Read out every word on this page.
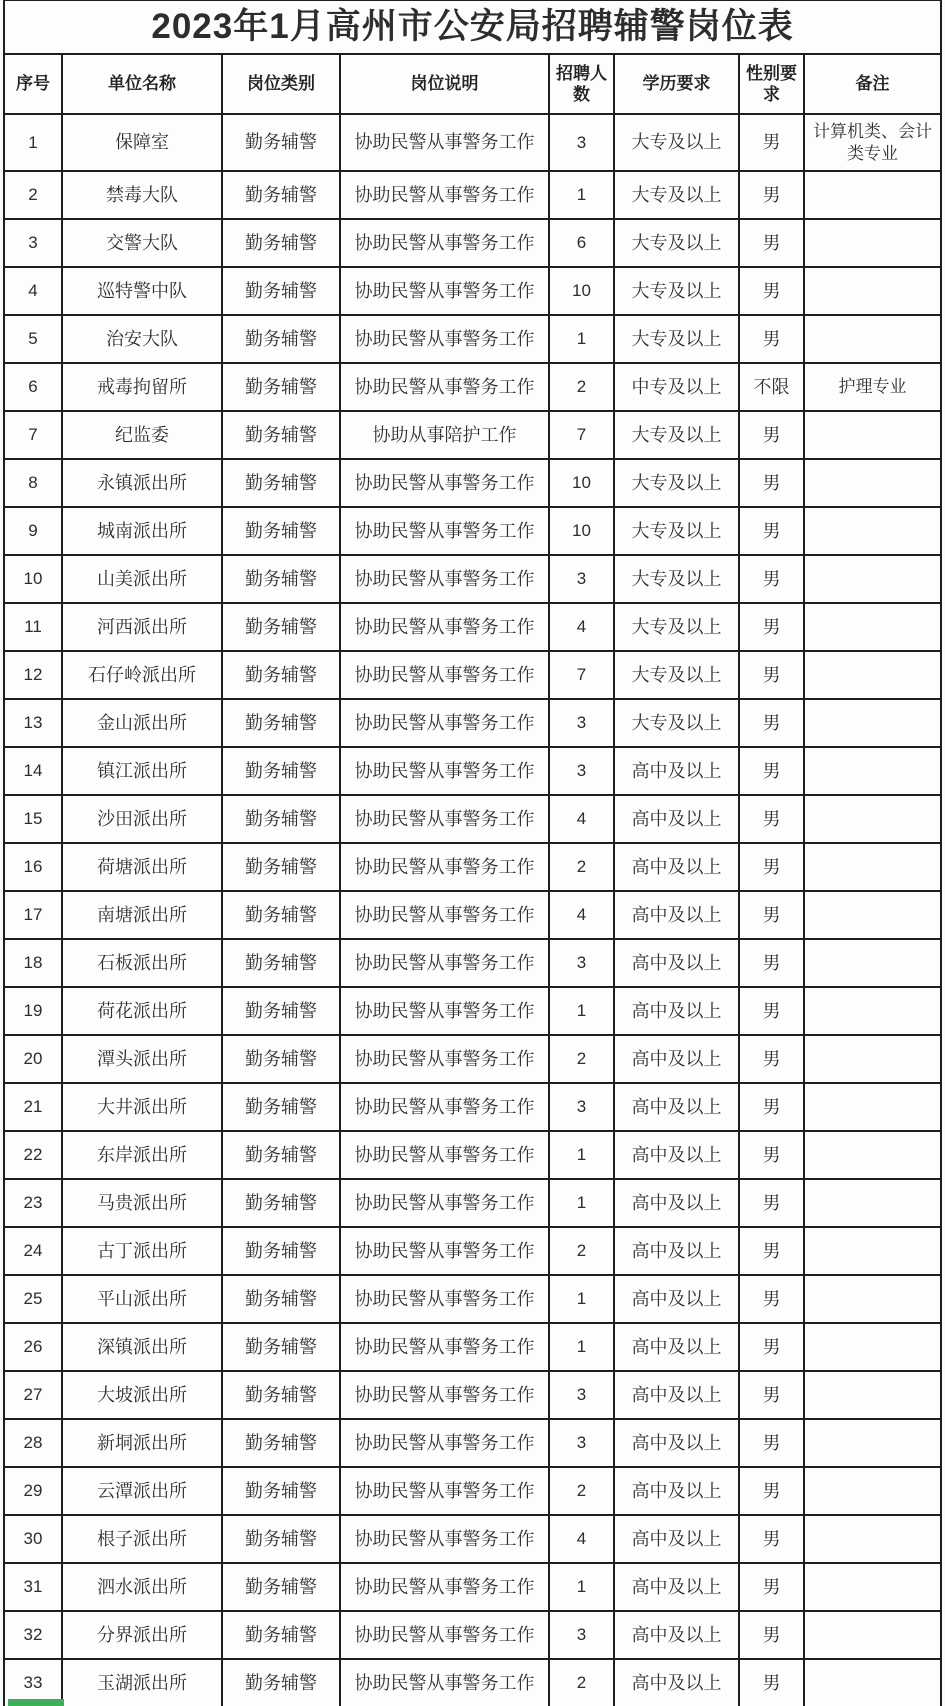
2023年1月高州市公安局招聘辅警岗位表							
序号	单位名称	岗位类别	岗位说明	招聘人数	学历要求	性别要求	备注
1	保障室	勤务辅警	协助民警从事警务工作	3	大专及以上	男	计算机类、会计类专业
2	禁毒大队	勤务辅警	协助民警从事警务工作	1	大专及以上	男	
3	交警大队	勤务辅警	协助民警从事警务工作	6	大专及以上	男	
4	巡特警中队	勤务辅警	协助民警从事警务工作	10	大专及以上	男	
5	治安大队	勤务辅警	协助民警从事警务工作	1	大专及以上	男	
6	戒毒拘留所	勤务辅警	协助民警从事警务工作	2	中专及以上	不限	护理专业
7	纪监委	勤务辅警	协助从事陪护工作	7	大专及以上	男	
8	永镇派出所	勤务辅警	协助民警从事警务工作	10	大专及以上	男	
9	城南派出所	勤务辅警	协助民警从事警务工作	10	大专及以上	男	
10	山美派出所	勤务辅警	协助民警从事警务工作	3	大专及以上	男	
11	河西派出所	勤务辅警	协助民警从事警务工作	4	大专及以上	男	
12	石仔岭派出所	勤务辅警	协助民警从事警务工作	7	大专及以上	男	
13	金山派出所	勤务辅警	协助民警从事警务工作	3	大专及以上	男	
14	镇江派出所	勤务辅警	协助民警从事警务工作	3	高中及以上	男	
15	沙田派出所	勤务辅警	协助民警从事警务工作	4	高中及以上	男	
16	荷塘派出所	勤务辅警	协助民警从事警务工作	2	高中及以上	男	
17	南塘派出所	勤务辅警	协助民警从事警务工作	4	高中及以上	男	
18	石板派出所	勤务辅警	协助民警从事警务工作	3	高中及以上	男	
19	荷花派出所	勤务辅警	协助民警从事警务工作	1	高中及以上	男	
20	潭头派出所	勤务辅警	协助民警从事警务工作	2	高中及以上	男	
21	大井派出所	勤务辅警	协助民警从事警务工作	3	高中及以上	男	
22	东岸派出所	勤务辅警	协助民警从事警务工作	1	高中及以上	男	
23	马贵派出所	勤务辅警	协助民警从事警务工作	1	高中及以上	男	
24	古丁派出所	勤务辅警	协助民警从事警务工作	2	高中及以上	男	
25	平山派出所	勤务辅警	协助民警从事警务工作	1	高中及以上	男	
26	深镇派出所	勤务辅警	协助民警从事警务工作	1	高中及以上	男	
27	大坡派出所	勤务辅警	协助民警从事警务工作	3	高中及以上	男	
28	新垌派出所	勤务辅警	协助民警从事警务工作	3	高中及以上	男	
29	云潭派出所	勤务辅警	协助民警从事警务工作	2	高中及以上	男	
30	根子派出所	勤务辅警	协助民警从事警务工作	4	高中及以上	男	
31	泗水派出所	勤务辅警	协助民警从事警务工作	1	高中及以上	男	
32	分界派出所	勤务辅警	协助民警从事警务工作	3	高中及以上	男	
33	玉湖派出所	勤务辅警	协助民警从事警务工作	2	高中及以上	男	
